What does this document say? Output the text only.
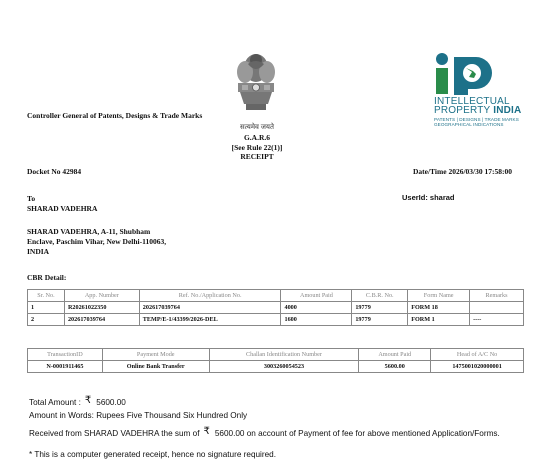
सत्यमेव जयते
G.A.R.6
[See Rule 22(1)]
RECEIPT
Controller General of Patents, Designs & Trade Marks
INTELLECTUAL
PROPERTY INDIA
PATENTS | DESIGNS | TRADE MARKS
GEOGRAPHICAL INDICATIONS
Docket No 42984	Date/Time 2026/03/30 17:58:00
To
SHARAD VADEHRA
UserId: sharad
SHARAD VADEHRA, A-11, Shubham
Enclave, Paschim Vihar, New Delhi-110063,
INDIA
CBR Detail:
Sr. No.	App. Number	Ref. No./Application No.	Amount Paid	C.B.R. No.	Form Name	Remarks
1	R20261022350	202617039764	4000	19779	FORM 18	
2	202617039764	TEMP/E-1/43399/2026-DEL	1600	19779	FORM 1	----
TransactionID	Payment Mode	Challan Identification Number	Amount Paid	Head of A/C No
N-0001911465	Online Bank Transfer	3003260054523	5600.00	1475001020000001
Total Amount : ₹ 5600.00
Amount in Words: Rupees Five Thousand Six Hundred Only
Received from SHARAD VADEHRA the sum of ₹ 5600.00 on account of Payment of fee for above mentioned Application/Forms.
* This is a computer generated receipt, hence no signature required.
